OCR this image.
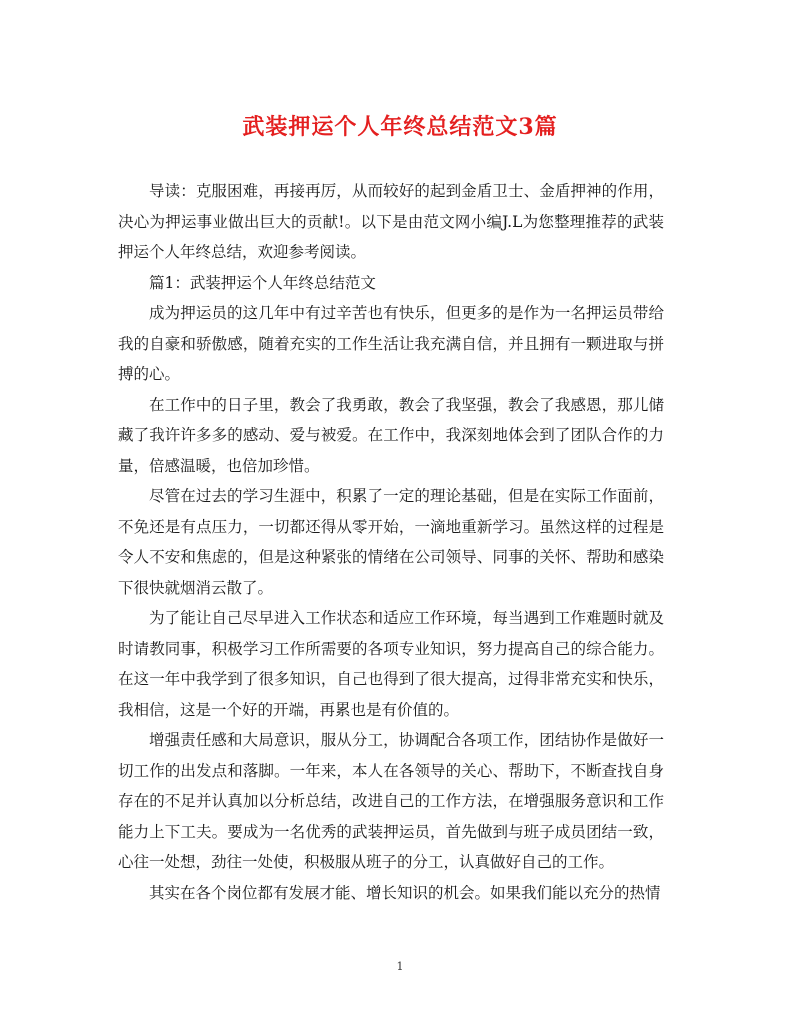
武装押运个人年终总结范文3篇

导读：克服困难，再接再厉，从而较好的起到金盾卫士、金盾押神的作用，决心为押运事业做出巨大的贡献!。以下是由范文网小编J.L为您整理推荐的武装押运个人年终总结，欢迎参考阅读。

篇1：武装押运个人年终总结范文

成为押运员的这几年中有过辛苦也有快乐，但更多的是作为一名押运员带给我的自豪和骄傲感，随着充实的工作生活让我充满自信，并且拥有一颗进取与拼搏的心。

在工作中的日子里，教会了我勇敢，教会了我坚强，教会了我感恩，那儿储藏了我许许多多的感动、爱与被爱。在工作中，我深刻地体会到了团队合作的力量，倍感温暖，也倍加珍惜。

尽管在过去的学习生涯中，积累了一定的理论基础，但是在实际工作面前，不免还是有点压力，一切都还得从零开始，一滴地重新学习。虽然这样的过程是令人不安和焦虑的，但是这种紧张的情绪在公司领导、同事的关怀、帮助和感染下很快就烟消云散了。

为了能让自己尽早进入工作状态和适应工作环境，每当遇到工作难题时就及时请教同事，积极学习工作所需要的各项专业知识，努力提高自己的综合能力。在这一年中我学到了很多知识，自己也得到了很大提高，过得非常充实和快乐，我相信，这是一个好的开端，再累也是有价值的。

增强责任感和大局意识，服从分工，协调配合各项工作，团结协作是做好一切工作的出发点和落脚。一年来，本人在各领导的关心、帮助下，不断查找自身存在的不足并认真加以分析总结，改进自己的工作方法，在增强服务意识和工作能力上下工夫。要成为一名优秀的武装押运员，首先做到与班子成员团结一致，心往一处想，劲往一处使，积极服从班子的分工，认真做好自己的工作。

其实在各个岗位都有发展才能、增长知识的机会。如果我们能以充分的热情

1
